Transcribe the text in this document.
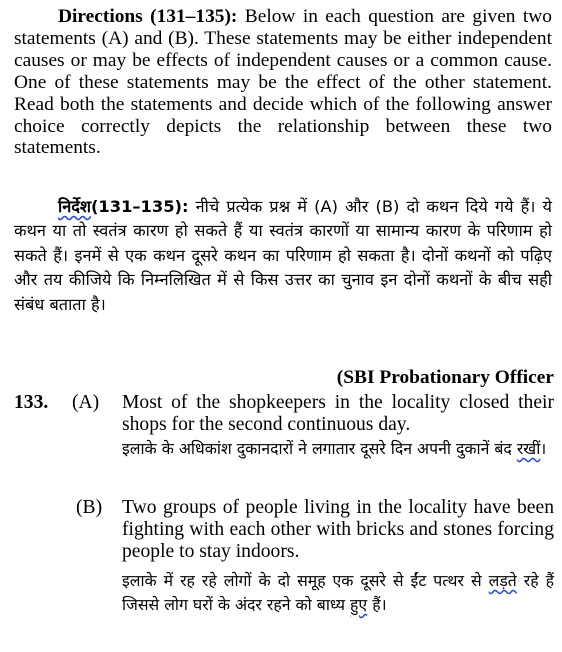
Directions (131–135): Below in each question are given two statements (A) and (B). These statements may be either independent causes or may be effects of independent causes or a common cause. One of these statements may be the effect of the other statement. Read both the statements and decide which of the following answer choice correctly depicts the relationship between these two statements.
निर्देश(131–135): नीचे प्रत्येक प्रश्न में (A) और (B) दो कथन दिये गये हैं। ये कथन या तो स्वतंत्र कारण हो सकते हैं या स्वतंत्र कारणों या सामान्य कारण के परिणाम हो सकते हैं। इनमें से एक कथन दूसरे कथन का परिणाम हो सकता है। दोनों कथनों को पढ़िए और तय कीजिये कि निम्नलिखित में से किस उत्तर का चुनाव इन दोनों कथनों के बीच सही संबंध बताता है।
(SBI Probationary Officer
133. (A) Most of the shopkeepers in the locality closed their shops for the second continuous day.
इलाके के अधिकांश दुकानदारों ने लगातार दूसरे दिन अपनी दुकानें बंद रखीं।
(B) Two groups of people living in the locality have been fighting with each other with bricks and stones forcing people to stay indoors.
इलाके में रह रहे लोगों के दो समूह एक दूसरे से ईंट पत्थर से लड़ते रहे हैं जिससे लोग घरों के अंदर रहने को बाध्य हुए हैं।
